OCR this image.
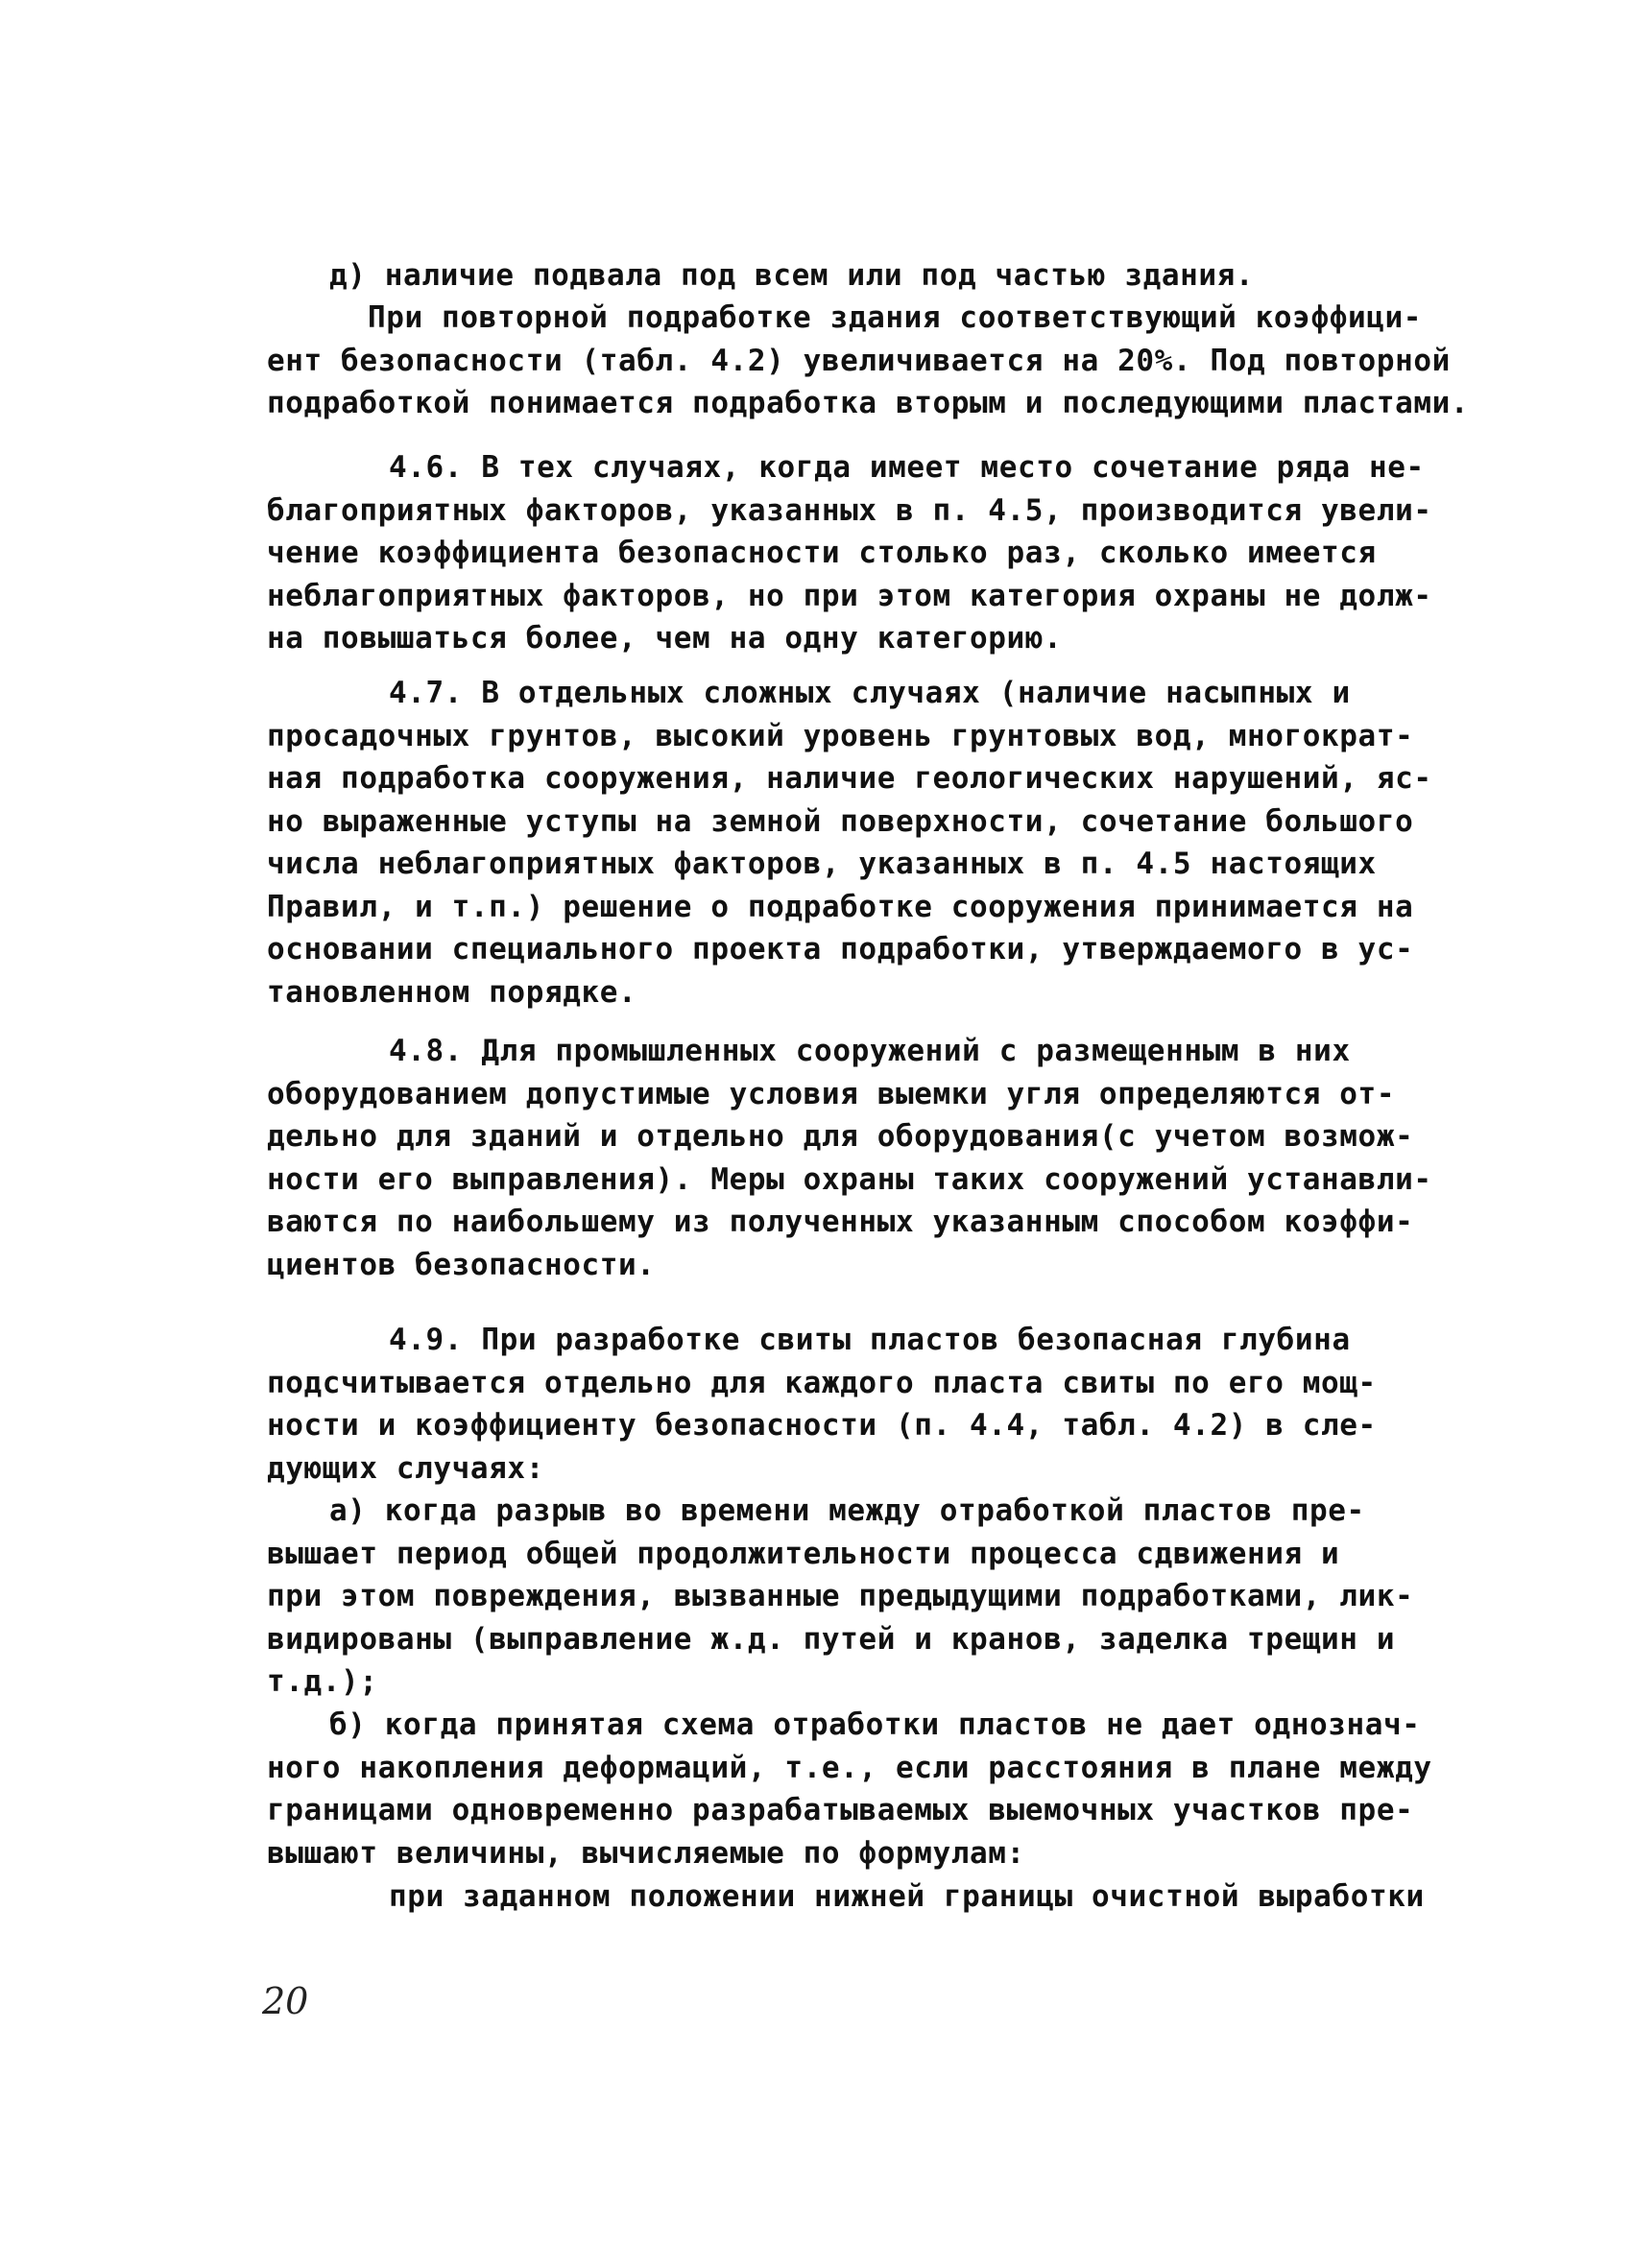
д) наличие подвала под всем или под частью здания.
При повторной подработке здания соответствующий коэффици-
ент безопасности (табл. 4.2) увеличивается на 20%. Под повторной
подработкой понимается подработка вторым и последующими пластами.
4.6. В тех случаях, когда имеет место сочетание ряда не-
благоприятных факторов, указанных в п. 4.5, производится увели-
чение коэффициента безопасности столько раз, сколько имеется
неблагоприятных факторов, но при этом категория охраны не долж-
на повышаться более, чем на одну категорию.
4.7. В отдельных сложных случаях (наличие насыпных и
просадочных грунтов, высокий уровень грунтовых вод, многократ-
ная подработка сооружения, наличие геологических нарушений, яс-
но выраженные уступы на земной поверхности, сочетание большого
числа неблагоприятных факторов, указанных в п. 4.5 настоящих
Правил, и т.п.) решение о подработке сооружения принимается на
основании специального проекта подработки, утверждаемого в ус-
тановленном порядке.
4.8. Для промышленных сооружений с размещенным в них
оборудованием допустимые условия выемки угля определяются от-
дельно для зданий и отдельно для оборудования(с учетом возмож-
ности его выправления). Меры охраны таких сооружений устанавли-
ваются по наибольшему из полученных указанным способом коэффи-
циентов безопасности.
4.9. При разработке свиты пластов безопасная глубина
подсчитывается отдельно для каждого пласта свиты по его мощ-
ности и коэффициенту безопасности (п. 4.4, табл. 4.2) в сле-
дующих случаях:
а) когда разрыв во времени между отработкой пластов пре-
вышает период общей продолжительности процесса сдвижения и
при этом повреждения, вызванные предыдущими подработками, лик-
видированы (выправление ж.д. путей и кранов, заделка трещин и
т.д.);
б) когда принятая схема отработки пластов не дает однознач-
ного накопления деформаций, т.е., если расстояния в плане между
границами одновременно разрабатываемых выемочных участков пре-
вышают величины, вычисляемые по формулам:
при заданном положении нижней границы очистной выработки

20
